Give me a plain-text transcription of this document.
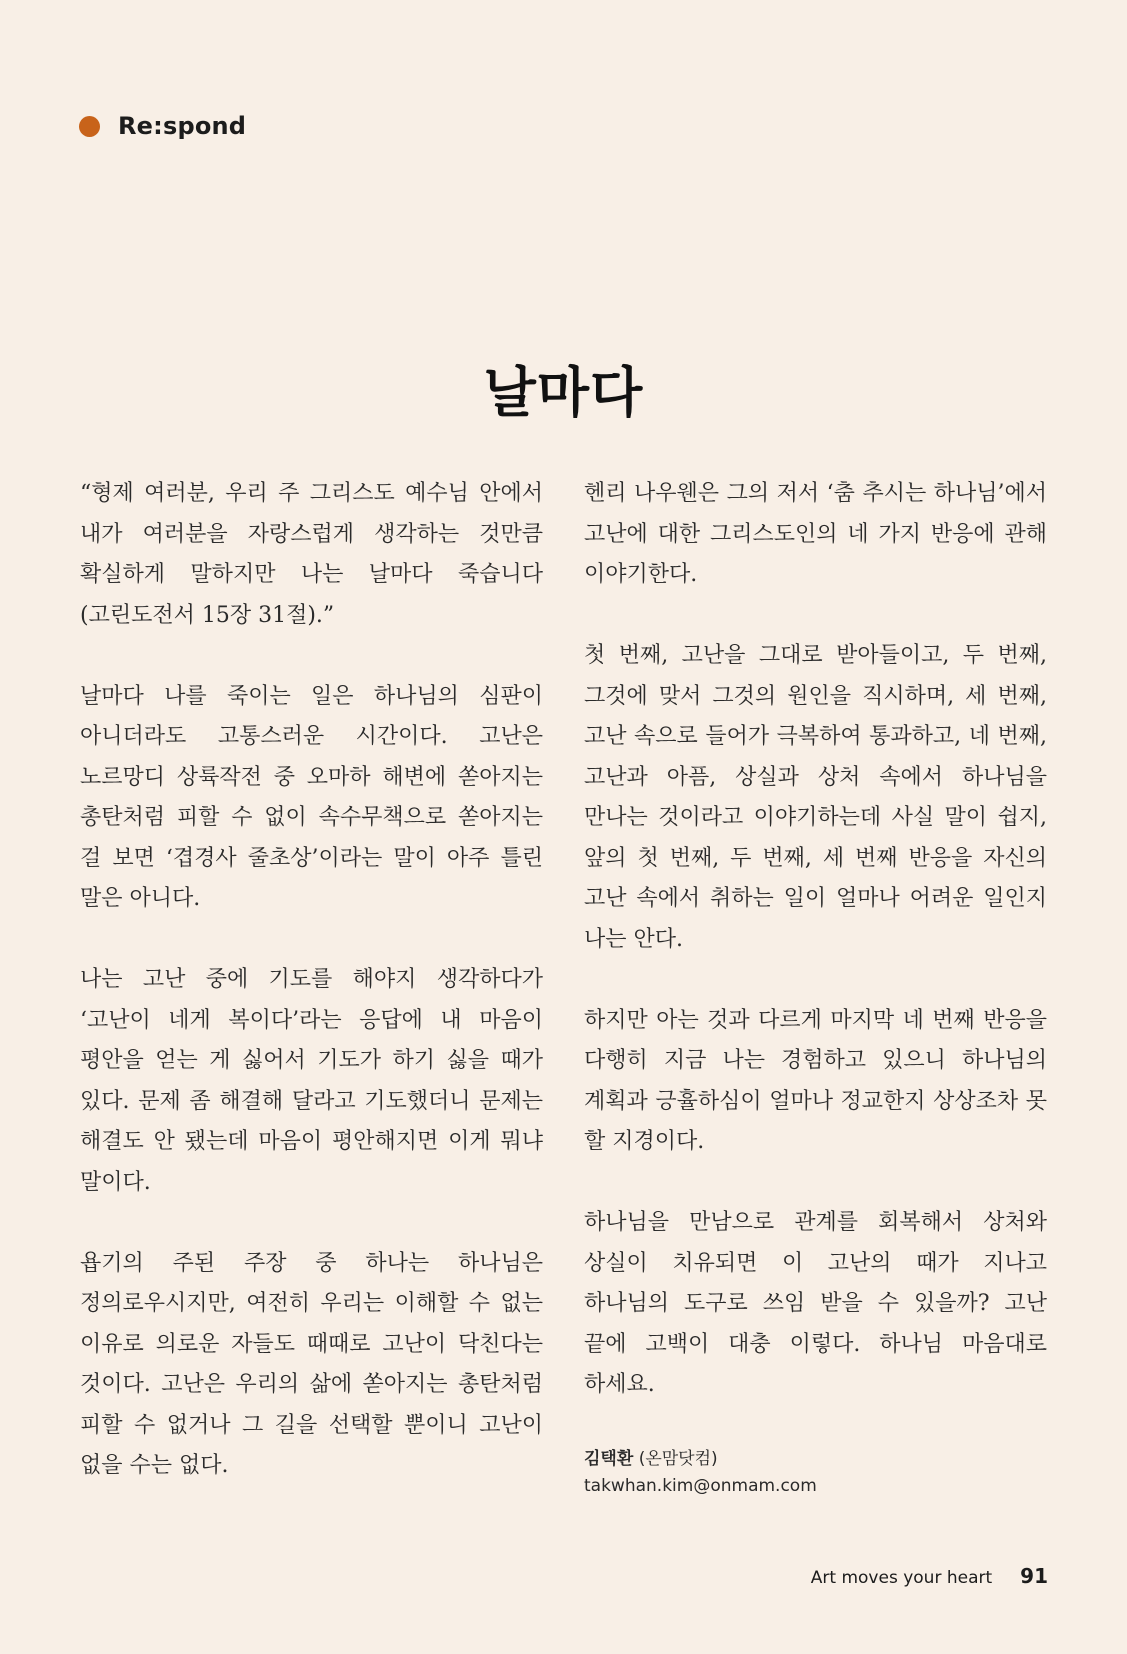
Re:spond
날마다

“형제 여러분, 우리 주 그리스도 예수님 안에서 내가 여러분을 자랑스럽게 생각하는 것만큼 확실하게 말하지만 나는 날마다 죽습니다(고린도전서 15장 31절).”

날마다 나를 죽이는 일은 하나님의 심판이 아니더라도 고통스러운 시간이다. 고난은 노르망디 상륙작전 중 오마하 해변에 쏟아지는 총탄처럼 피할 수 없이 속수무책으로 쏟아지는 걸 보면 ‘겹경사 줄초상’이라는 말이 아주 틀린 말은 아니다.

나는 고난 중에 기도를 해야지 생각하다가 ‘고난이 네게 복이다’라는 응답에 내 마음이 평안을 얻는 게 싫어서 기도가 하기 싫을 때가 있다. 문제 좀 해결해 달라고 기도했더니 문제는 해결도 안 됐는데 마음이 평안해지면 이게 뭐냐 말이다.

욥기의 주된 주장 중 하나는 하나님은 정의로우시지만, 여전히 우리는 이해할 수 없는 이유로 의로운 자들도 때때로 고난이 닥친다는 것이다. 고난은 우리의 삶에 쏟아지는 총탄처럼 피할 수 없거나 그 길을 선택할 뿐이니 고난이 없을 수는 없다.

헨리 나우웬은 그의 저서 ‘춤 추시는 하나님’에서 고난에 대한 그리스도인의 네 가지 반응에 관해 이야기한다.

첫 번째, 고난을 그대로 받아들이고, 두 번째, 그것에 맞서 그것의 원인을 직시하며, 세 번째, 고난 속으로 들어가 극복하여 통과하고, 네 번째, 고난과 아픔, 상실과 상처 속에서 하나님을 만나는 것이라고 이야기하는데 사실 말이 쉽지, 앞의 첫 번째, 두 번째, 세 번째 반응을 자신의 고난 속에서 취하는 일이 얼마나 어려운 일인지 나는 안다.

하지만 아는 것과 다르게 마지막 네 번째 반응을 다행히 지금 나는 경험하고 있으니 하나님의 계획과 긍휼하심이 얼마나 정교한지 상상조차 못 할 지경이다.

하나님을 만남으로 관계를 회복해서 상처와 상실이 치유되면 이 고난의 때가 지나고 하나님의 도구로 쓰임 받을 수 있을까? 고난 끝에 고백이 대충 이렇다. 하나님 마음대로 하세요.

김택환 (온맘닷컴)
takwhan.kim@onmam.com
Art moves your heart 91
